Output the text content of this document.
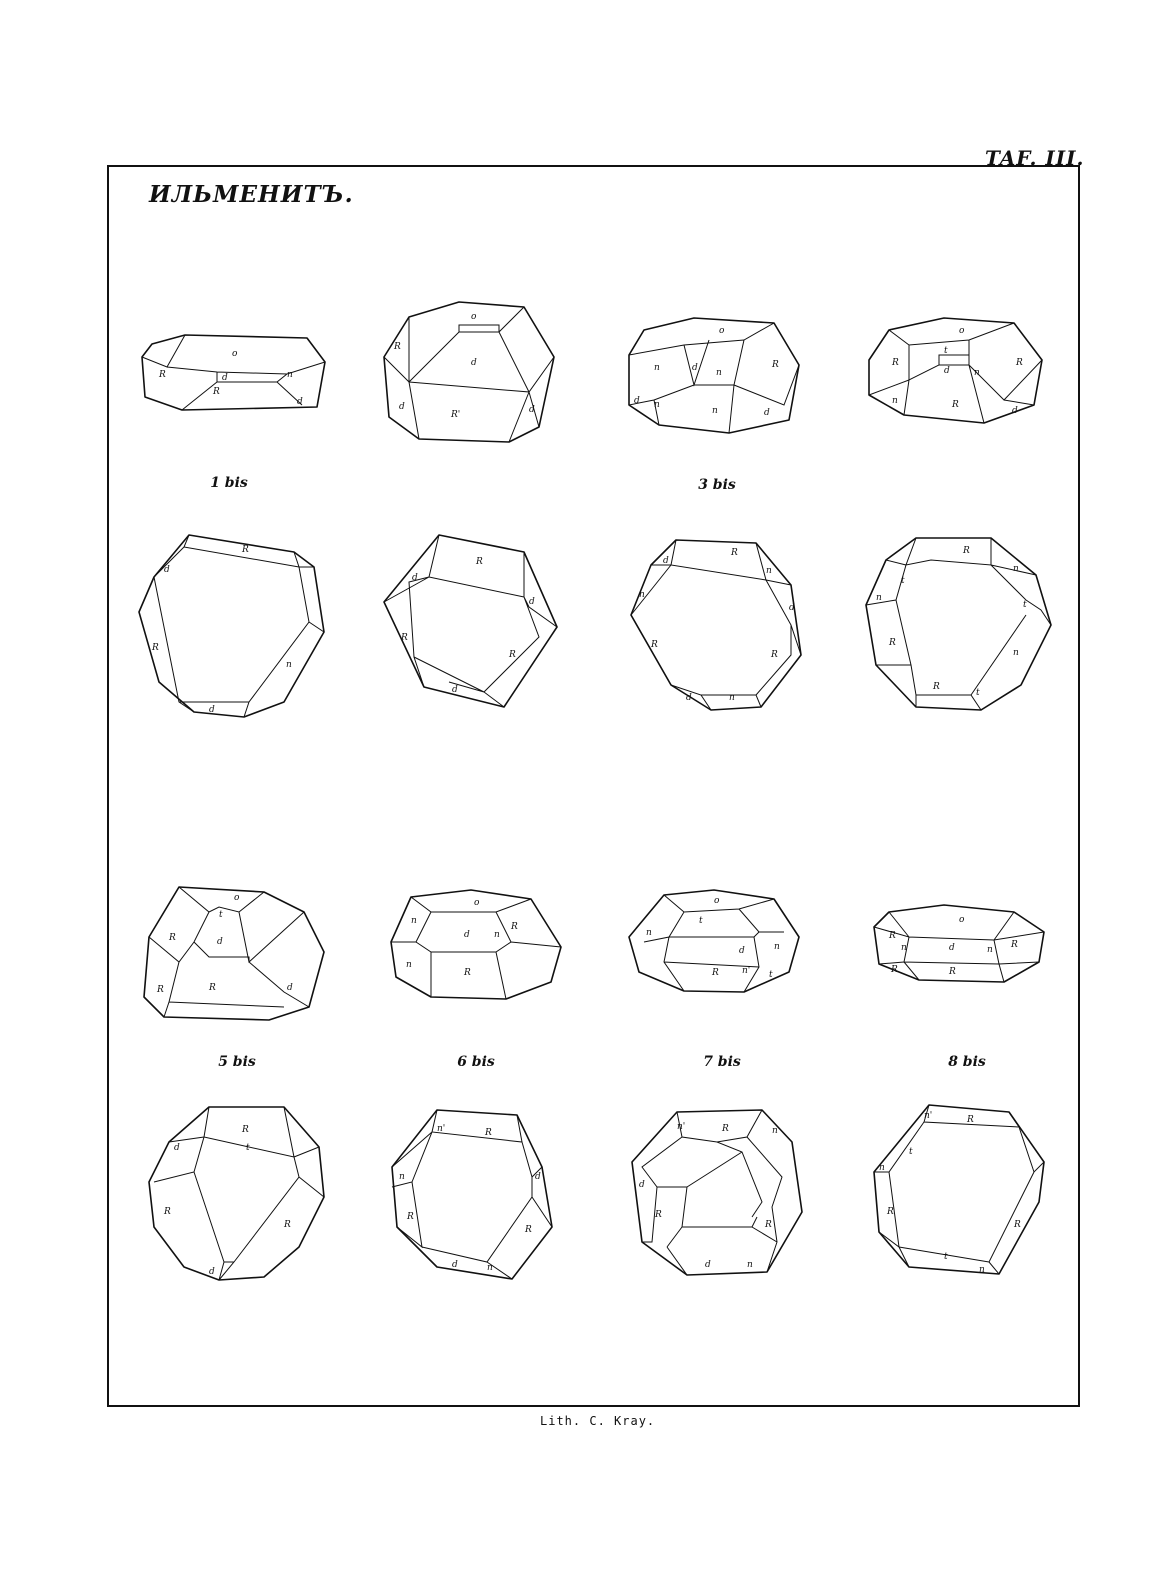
TAF. III.
ИЛЬМЕНИТЪ.
o
R
R
n
d
d
1 bis
o
R
d
R'
d	d
o
n	d n
R
d n
n	d
3 bis
o
R
t
R
d	n
n	R
d
R
d
R
n
d
R
d
d
R
R
d
R
d
n
n
d
R
R
d	n
R
t
n
n
t
R
n
R
t
o
t
R	d
R
R	d
5 bis
o
n
d	n
R
n
R
6 bis
o
t
n
d	n
R	n' t
7 bis
o
R
n	d	n R
R	R
8 bis
R
d	t
R
R
d
R
n'
n	d
R
R
d	n
R
n'	n
d
R
R
d	n
R
n'
n
t
R
R
n
t
Lith. C. Kray.
